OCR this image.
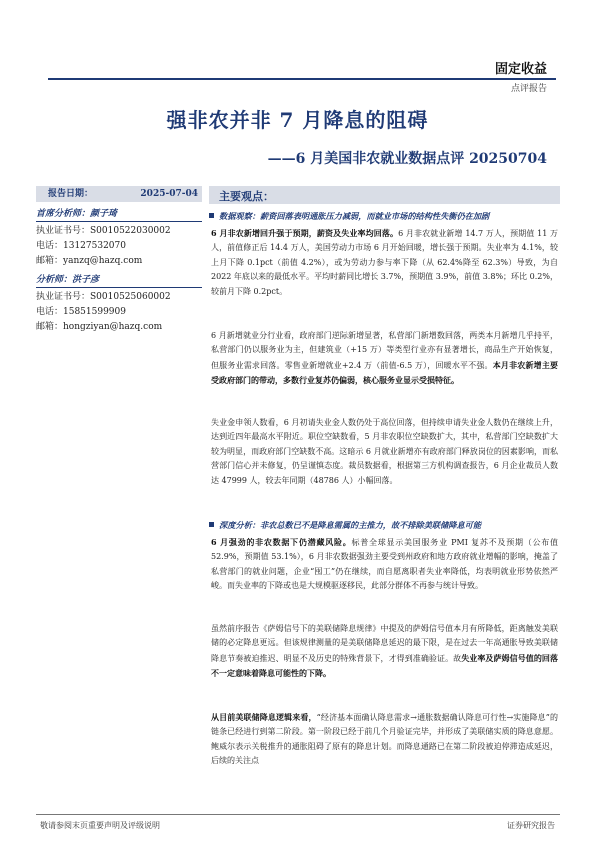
固定收益
点评报告
强非农并非 7 月降息的阻碍
——6 月美国非农就业数据点评 20250704
报告日期：	2025-07-04
首席分析师：颜子琦
执业证书号：S0010522030002
电话：13127532070
邮箱：yanzq@hazq.com
分析师：洪子彦
执业证书号：S0010525060002
电话：15851599909
邮箱：hongziyan@hazq.com
主要观点：
数据观察：薪资回落表明通胀压力减弱，而就业市场的结构性失衡仍在加剧
6 月非农新增回升强于预期，薪资及失业率均回落。6 月非农就业新增 14.7 万人，预期值 11 万人，前值修正后 14.4 万人，美国劳动力市场 6 月开始回暖，增长强于预期。失业率为 4.1%，较上月下降 0.1pct（前值 4.2%），或为劳动力参与率下降（从 62.4%降至 62.3%）导致，为自 2022 年底以来的最低水平。平均时薪同比增长 3.7%，预期值 3.9%，前值 3.8%；环比 0.2%，较前月下降 0.2pct。
6 月新增就业分行业看，政府部门逆际新增显著，私营部门新增数回落，两类本月新增几乎持平，私营部门仍以服务业为主，但建筑业（+15 万）等类型行业亦有显著增长，商品生产开始恢复，但服务业需求回落。零售业新增就业+2.4 万（前值-6.5 万），回暖水平不强。本月非农新增主要受政府部门的带动，多数行业复苏仍偏弱，核心服务业显示受损特征。
失业金申领人数看，6 月初请失业金人数仍处于高位回落，但持续申请失业金人数仍在继续上升，达到近四年最高水平附近。职位空缺数看，5 月非农职位空缺数扩大，其中，私营部门空缺数扩大较为明显，而政府部门空缺数不高。这暗示 6 月就业新增亦有政府部门释放岗位的因素影响，而私营部门信心并未修复，仍呈谨慎态度。裁员数据看，根据第三方机构调查报告，6 月企业裁员人数达 47999 人，较去年同期（48786 人）小幅回落。
深度分析：非农总数已不是降息需属的主推力，故不排除美联储降息可能
6 月强劲的非农数据下仍潜藏风险。标普全球显示美国服务业 PMI 复苏不及预期（公布值 52.9%，预期值 53.1%），6 月非农数据强劲主要受到州政府和地方政府就业增幅的影响，掩盖了私营部门的就业问题，企业“囤工”仍在继续，而自愿离职者失业率降低，均表明就业形势依然严峻。而失业率的下降或也是大规模驱逐移民，此部分群体不再参与统计导致。
虽然前序报告《萨姆信号下的美联储降息规律》中提及的萨姆信号值本月有所降低，距离触发美联储的必定降息更远。但该规律测量的是美联储降息延迟的最下限，是在过去一年高通胀导致美联储降息节奏被迫推迟、明显不及历史的特殊背景下，才得到准确验证。故失业率及萨姆信号值的回落不一定意味着降息可能性的下降。
从目前美联储降息逻辑来看，“经济基本面确认降息需求→通胀数据确认降息可行性→实施降息”的链条已经进行到第二阶段。第一阶段已经于前几个月验证完毕，并形成了美联储实质的降息意愿。鲍威尔表示关税推升的通胀阻碍了原有的降息计划。而降息通路已在第二阶段被迫停滞造成延迟，后续的关注点
敬请参阅末页重要声明及评级说明	证券研究报告
